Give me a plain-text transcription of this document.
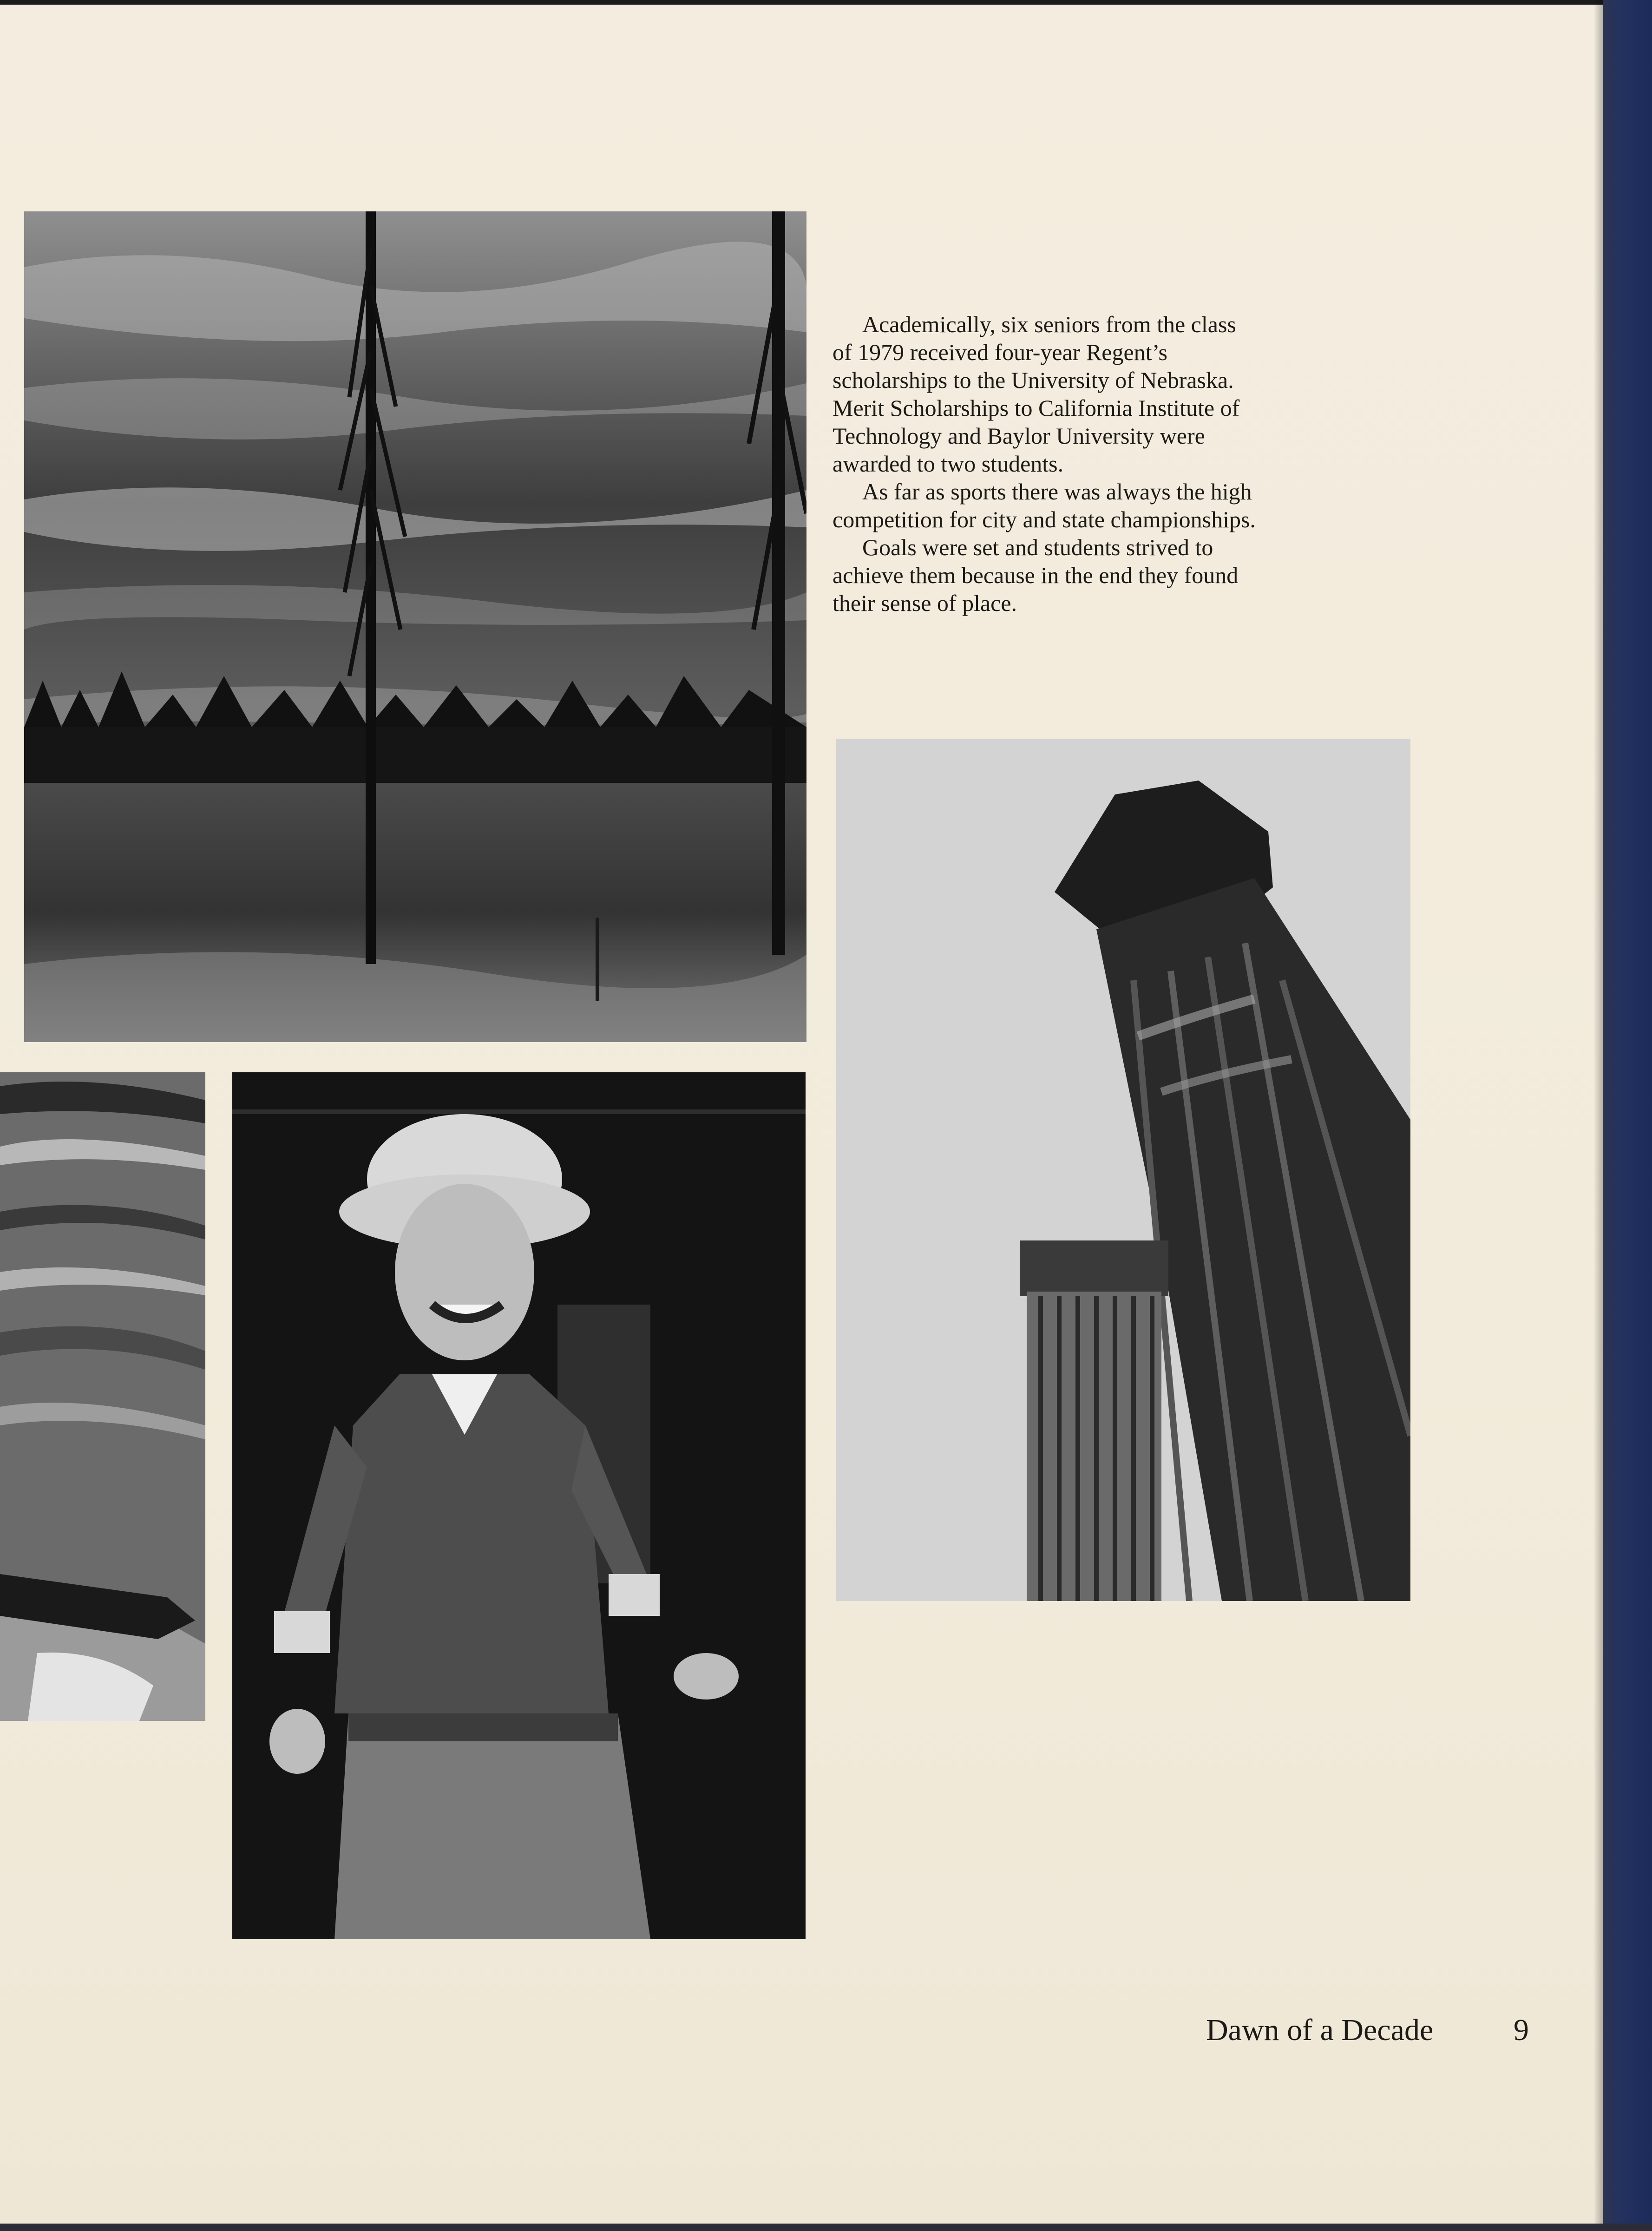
Academically, six seniors from the class of 1979 received four-year Regent’s scholarships to the University of Nebraska. Merit Scholarships to California Institute of Technology and Baylor University were awarded to two students.

As far as sports there was always the high competition for city and state championships.

Goals were set and students strived to achieve them because in the end they found their sense of place.

Dawn of a Decade	9
